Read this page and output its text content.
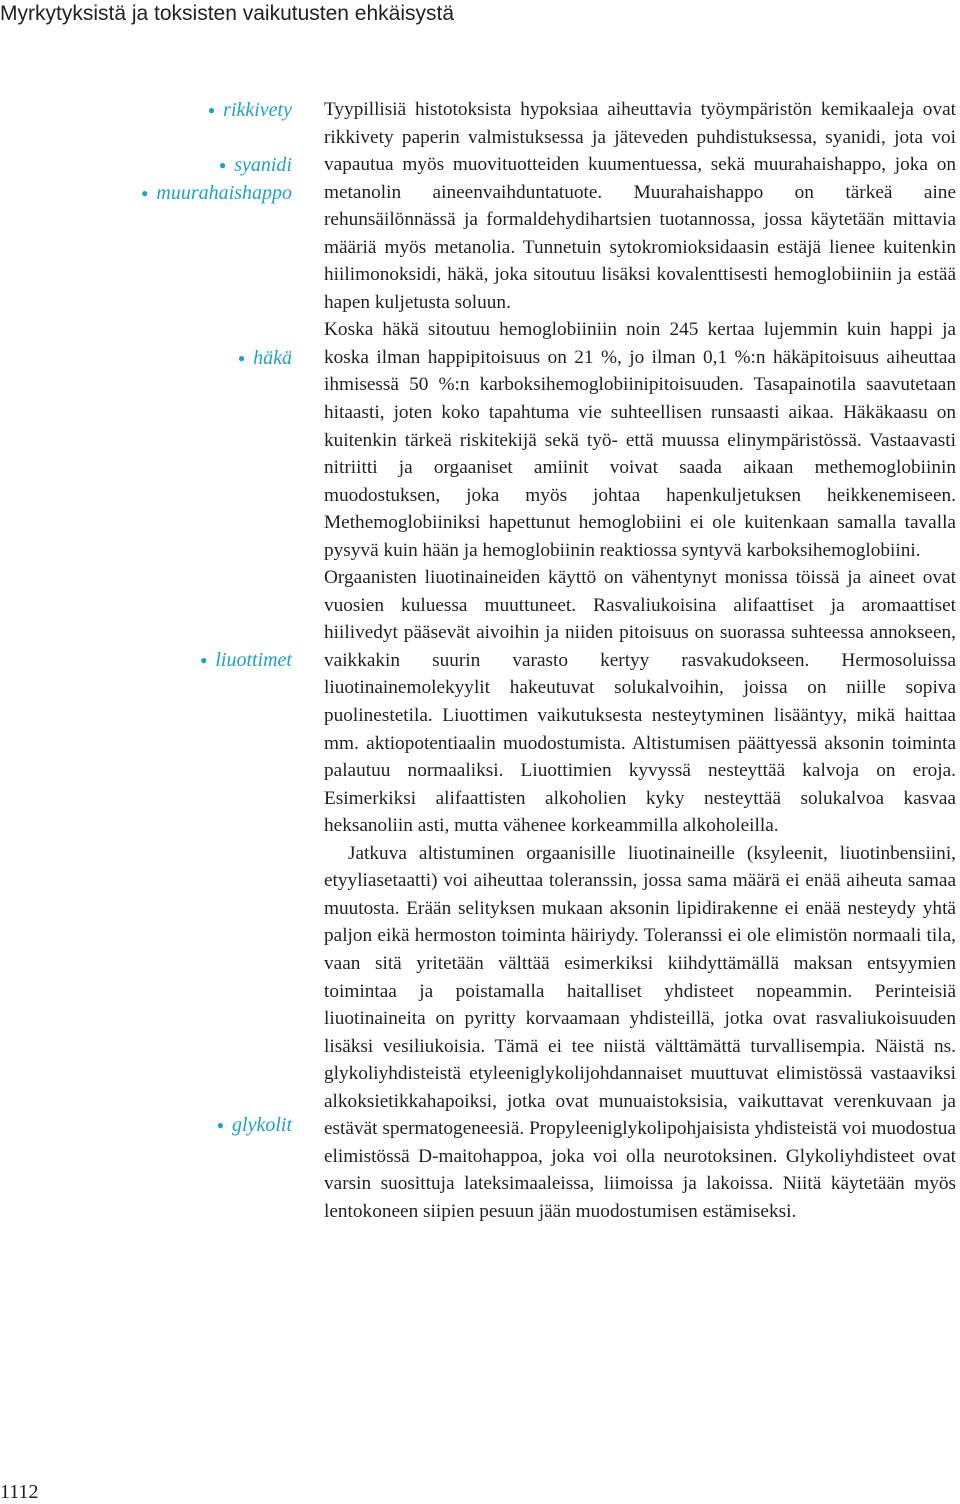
Myrkytyksistä ja toksisten vaikutusten ehkäisystä
● rikkivety
● syanidi
● muurahaishappo
● häkä
● liuottimet
● glykolit

Tyypillisiä histotoksista hypoksiaa aiheuttavia työympäristön kemikaaleja ovat rikkivety paperin valmistuksessa ja jäteveden puhdistuksessa, syanidi, jota voi vapautua myös muovituotteiden kuumentuessa, sekä muurahaishappo, joka on metanolin aineenvaihduntatuote. Muurahaishappo on tärkeä aine rehunsäilönnässä ja formaldehydihartsien tuotannossa, jossa käytetään mittavia määriä myös metanolia. Tunnetuin sytokromioksidaasin estäjä lienee kuitenkin hiilimonoksidi, häkä, joka sitoutuu lisäksi kovalenttisesti hemoglobiiniin ja estää hapen kuljetusta soluun.

Koska häkä sitoutuu hemoglobiiniin noin 245 kertaa lujemmin kuin happi ja koska ilman happipitoisuus on 21 %, jo ilman 0,1 %:n häkäpitoisuus aiheuttaa ihmisessä 50 %:n karboksihemoglobiinipitoisuuden. Tasapainotila saavutetaan hitaasti, joten koko tapahtuma vie suhteellisen runsaasti aikaa. Häkäkaasu on kuitenkin tärkeä riskitekijä sekä työ- että muussa elinympäristössä. Vastaavasti nitriitti ja orgaaniset amiinit voivat saada aikaan methemoglobiinin muodostuksen, joka myös johtaa hapenkuljetuksen heikkenemiseen. Methemoglobiiniksi hapettunut hemoglobiini ei ole kuitenkaan samalla tavalla pysyvä kuin hään ja hemoglobiinin reaktiossa syntyvä karboksihemoglobiini.

Orgaanisten liuotinaineiden käyttö on vähentynyt monissa töissä ja aineet ovat vuosien kuluessa muuttuneet. Rasvaliukoisina alifaattiset ja aromaattiset hiilivedyt pääsevät aivoihin ja niiden pitoisuus on suorassa suhteessa annokseen, vaikkakin suurin varasto kertyy rasvakudokseen. Hermosoluissa liuotinainemolekyylit hakeutuvat solukalvoihin, joissa on niille sopiva puolinestetila. Liuottimen vaikutuksesta nesteytyminen lisääntyy, mikä haittaa mm. aktiopotentiaalin muodostumista. Altistumisen päättyessä aksonin toiminta palautuu normaaliksi. Liuottimien kyvyssä nesteyttää kalvoja on eroja. Esimerkiksi alifaattisten alkoholien kyky nesteyttää solukalvoa kasvaa heksanoliin asti, mutta vähenee korkeammilla alkoholeilla.

Jatkuva altistuminen orgaanisille liuotinaineille (ksyleenit, liuotinbensiini, etyyliasetaatti) voi aiheuttaa toleranssin, jossa sama määrä ei enää aiheuta samaa muutosta. Erään selityksen mukaan aksonin lipidirakenne ei enää nesteydy yhtä paljon eikä hermoston toiminta häiriydy. Toleranssi ei ole elimistön normaali tila, vaan sitä yritetään välttää esimerkiksi kiihdyttämällä maksan entsyymien toimintaa ja poistamalla haitalliset yhdisteet nopeammin. Perinteisiä liuotinaineita on pyritty korvaamaan yhdisteillä, jotka ovat rasvaliukoisuuden lisäksi vesiliukoisia. Tämä ei tee niistä välttämättä turvallisempia. Näistä ns. glykoliyhdisteistä etyleeniglykolijohdannaiset muuttuvat elimistössä vastaaviksi alkoksietikkahapoiksi, jotka ovat munuaistoksisia, vaikuttavat verenkuvaan ja estävät spermatogeneesiä. Propyleeniglykolipohjaisista yhdisteistä voi muodostua elimistössä D-maitohappoa, joka voi olla neurotoksinen. Glykoliyhdisteet ovat varsin suosittuja lateksimaaleissa, liimoissa ja lakoissa. Niitä käytetään myös lentokoneen siipien pesuun jään muodostumisen estämiseksi.

1112
